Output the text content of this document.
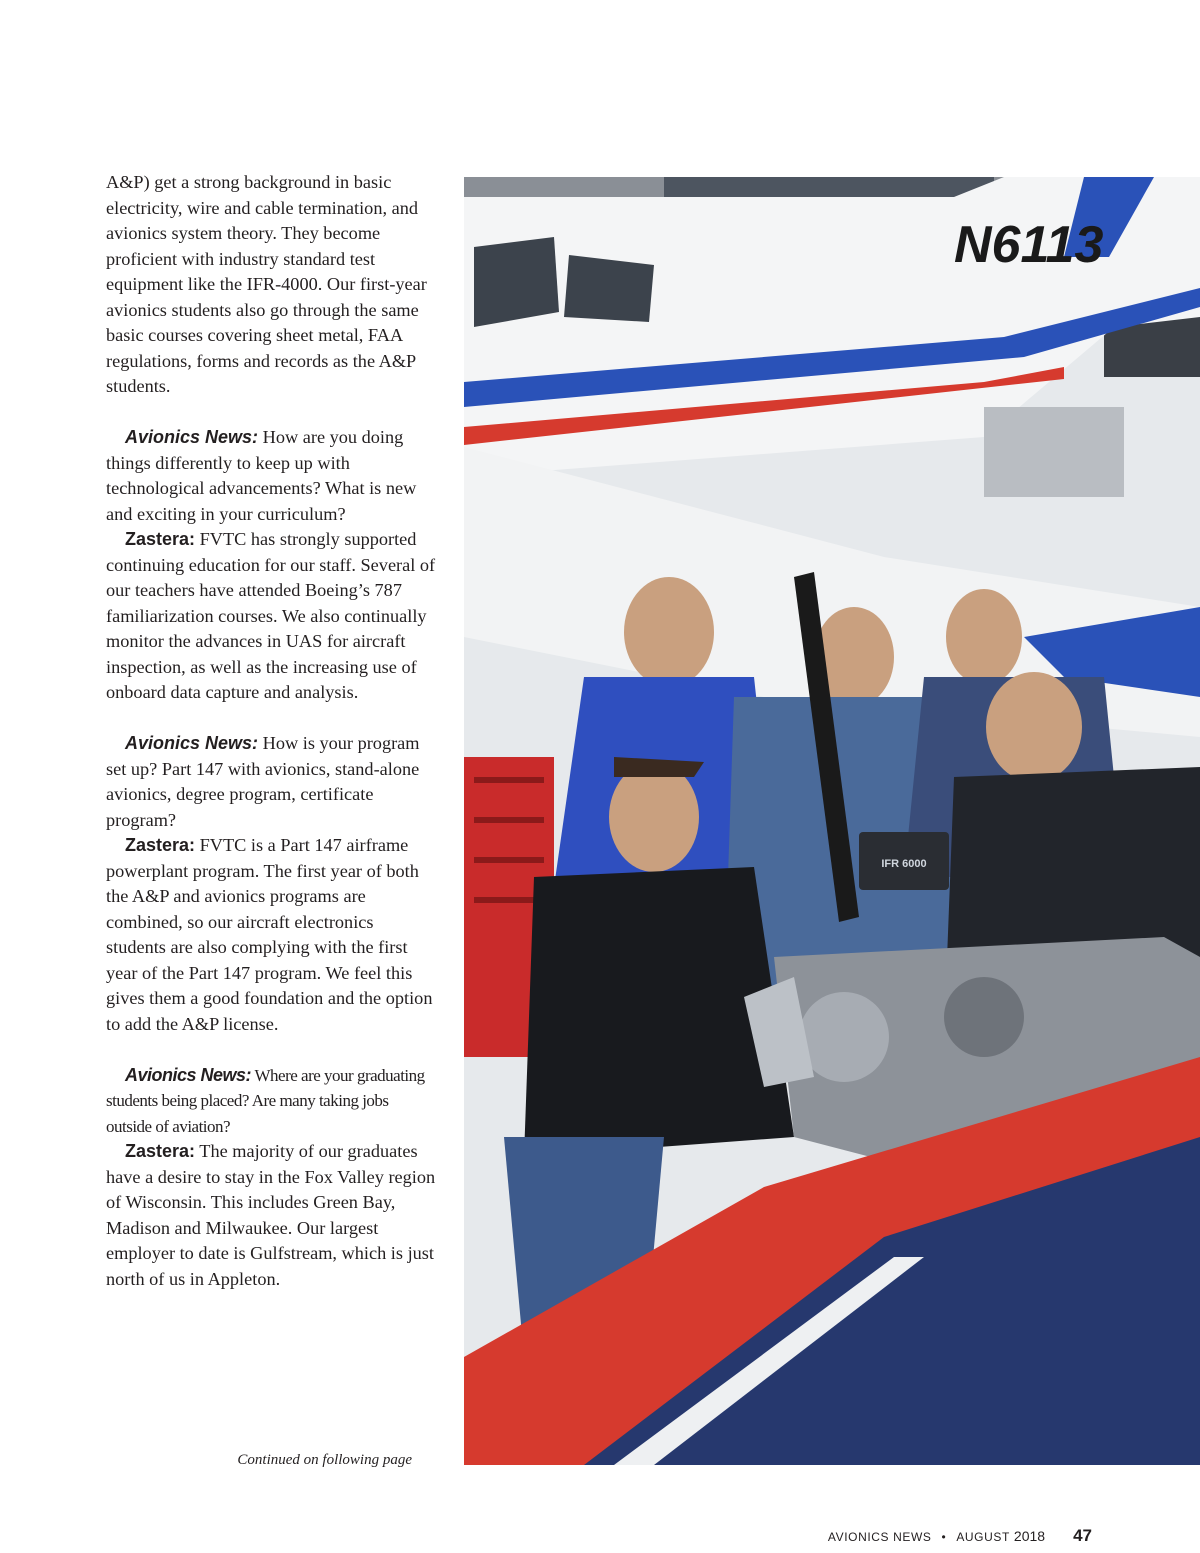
A&P) get a strong background in basic electricity, wire and cable termination, and avionics system theory. They become proficient with industry standard test equipment like the IFR-4000. Our first-year avionics students also go through the same basic courses covering sheet metal, FAA regulations, forms and records as the A&P students.

Avionics News: How are you doing things differently to keep up with technological advancements? What is new and exciting in your curriculum?

Zastera: FVTC has strongly supported continuing education for our staff. Several of our teachers have attended Boeing’s 787 familiarization courses. We also continually monitor the advances in UAS for aircraft inspection, as well as the increasing use of onboard data capture and analysis.

Avionics News: How is your program set up? Part 147 with avionics, stand-alone avionics, degree program, certificate program?

Zastera: FVTC is a Part 147 airframe powerplant program. The first year of both the A&P and avionics programs are combined, so our aircraft electronics students are also complying with the first year of the Part 147 program. We feel this gives them a good foundation and the option to add the A&P license.

Avionics News: Where are your graduating students being placed? Are many taking jobs outside of aviation?

Zastera: The majority of our graduates have a desire to stay in the Fox Valley region of Wisconsin. This includes Green Bay, Madison and Milwaukee. Our largest employer to date is Gulfstream, which is just north of us in Appleton.

Continued on following page
N6113
IFR 6000
AVIONICS NEWS • AUGUST 2018 47
